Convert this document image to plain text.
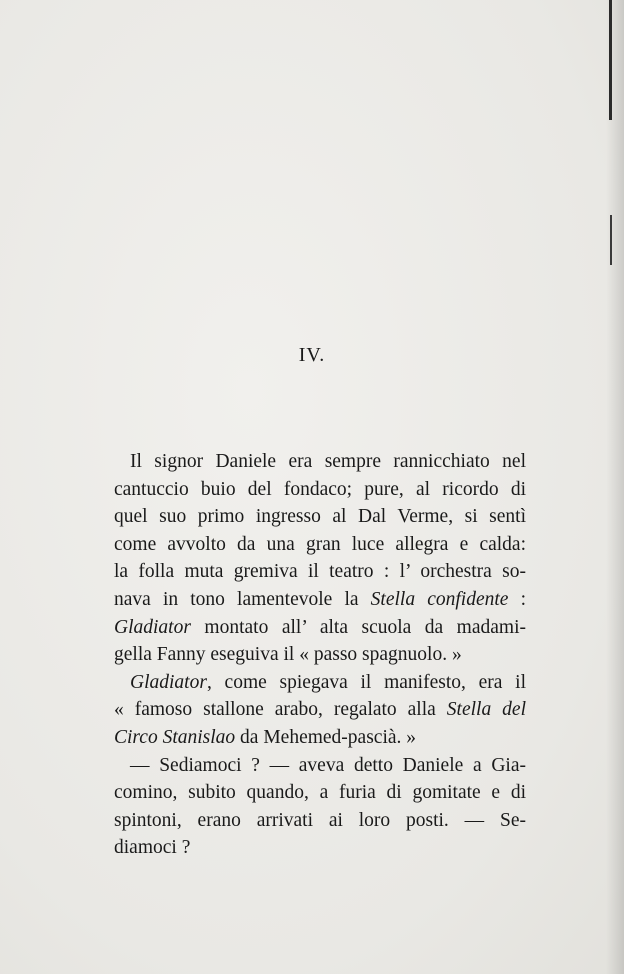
IV.
Il signor Daniele era sempre rannicchiato nel
cantuccio buio del fondaco; pure, al ricordo di
quel suo primo ingresso al Dal Verme, si sentì
come avvolto da una gran luce allegra e calda:
la folla muta gremiva il teatro : l’ orchestra so-
nava in tono lamentevole la Stella confidente :
Gladiator montato all’ alta scuola da madami-
gella Fanny eseguiva il « passo spagnuolo. »
Gladiator, come spiegava il manifesto, era il
« famoso stallone arabo, regalato alla Stella del
Circo Stanislao da Mehemed-pascià. »
— Sediamoci ? — aveva detto Daniele a Gia-
comino, subito quando, a furia di gomitate e di
spintoni, erano arrivati ai loro posti. — Se-
diamoci ?
